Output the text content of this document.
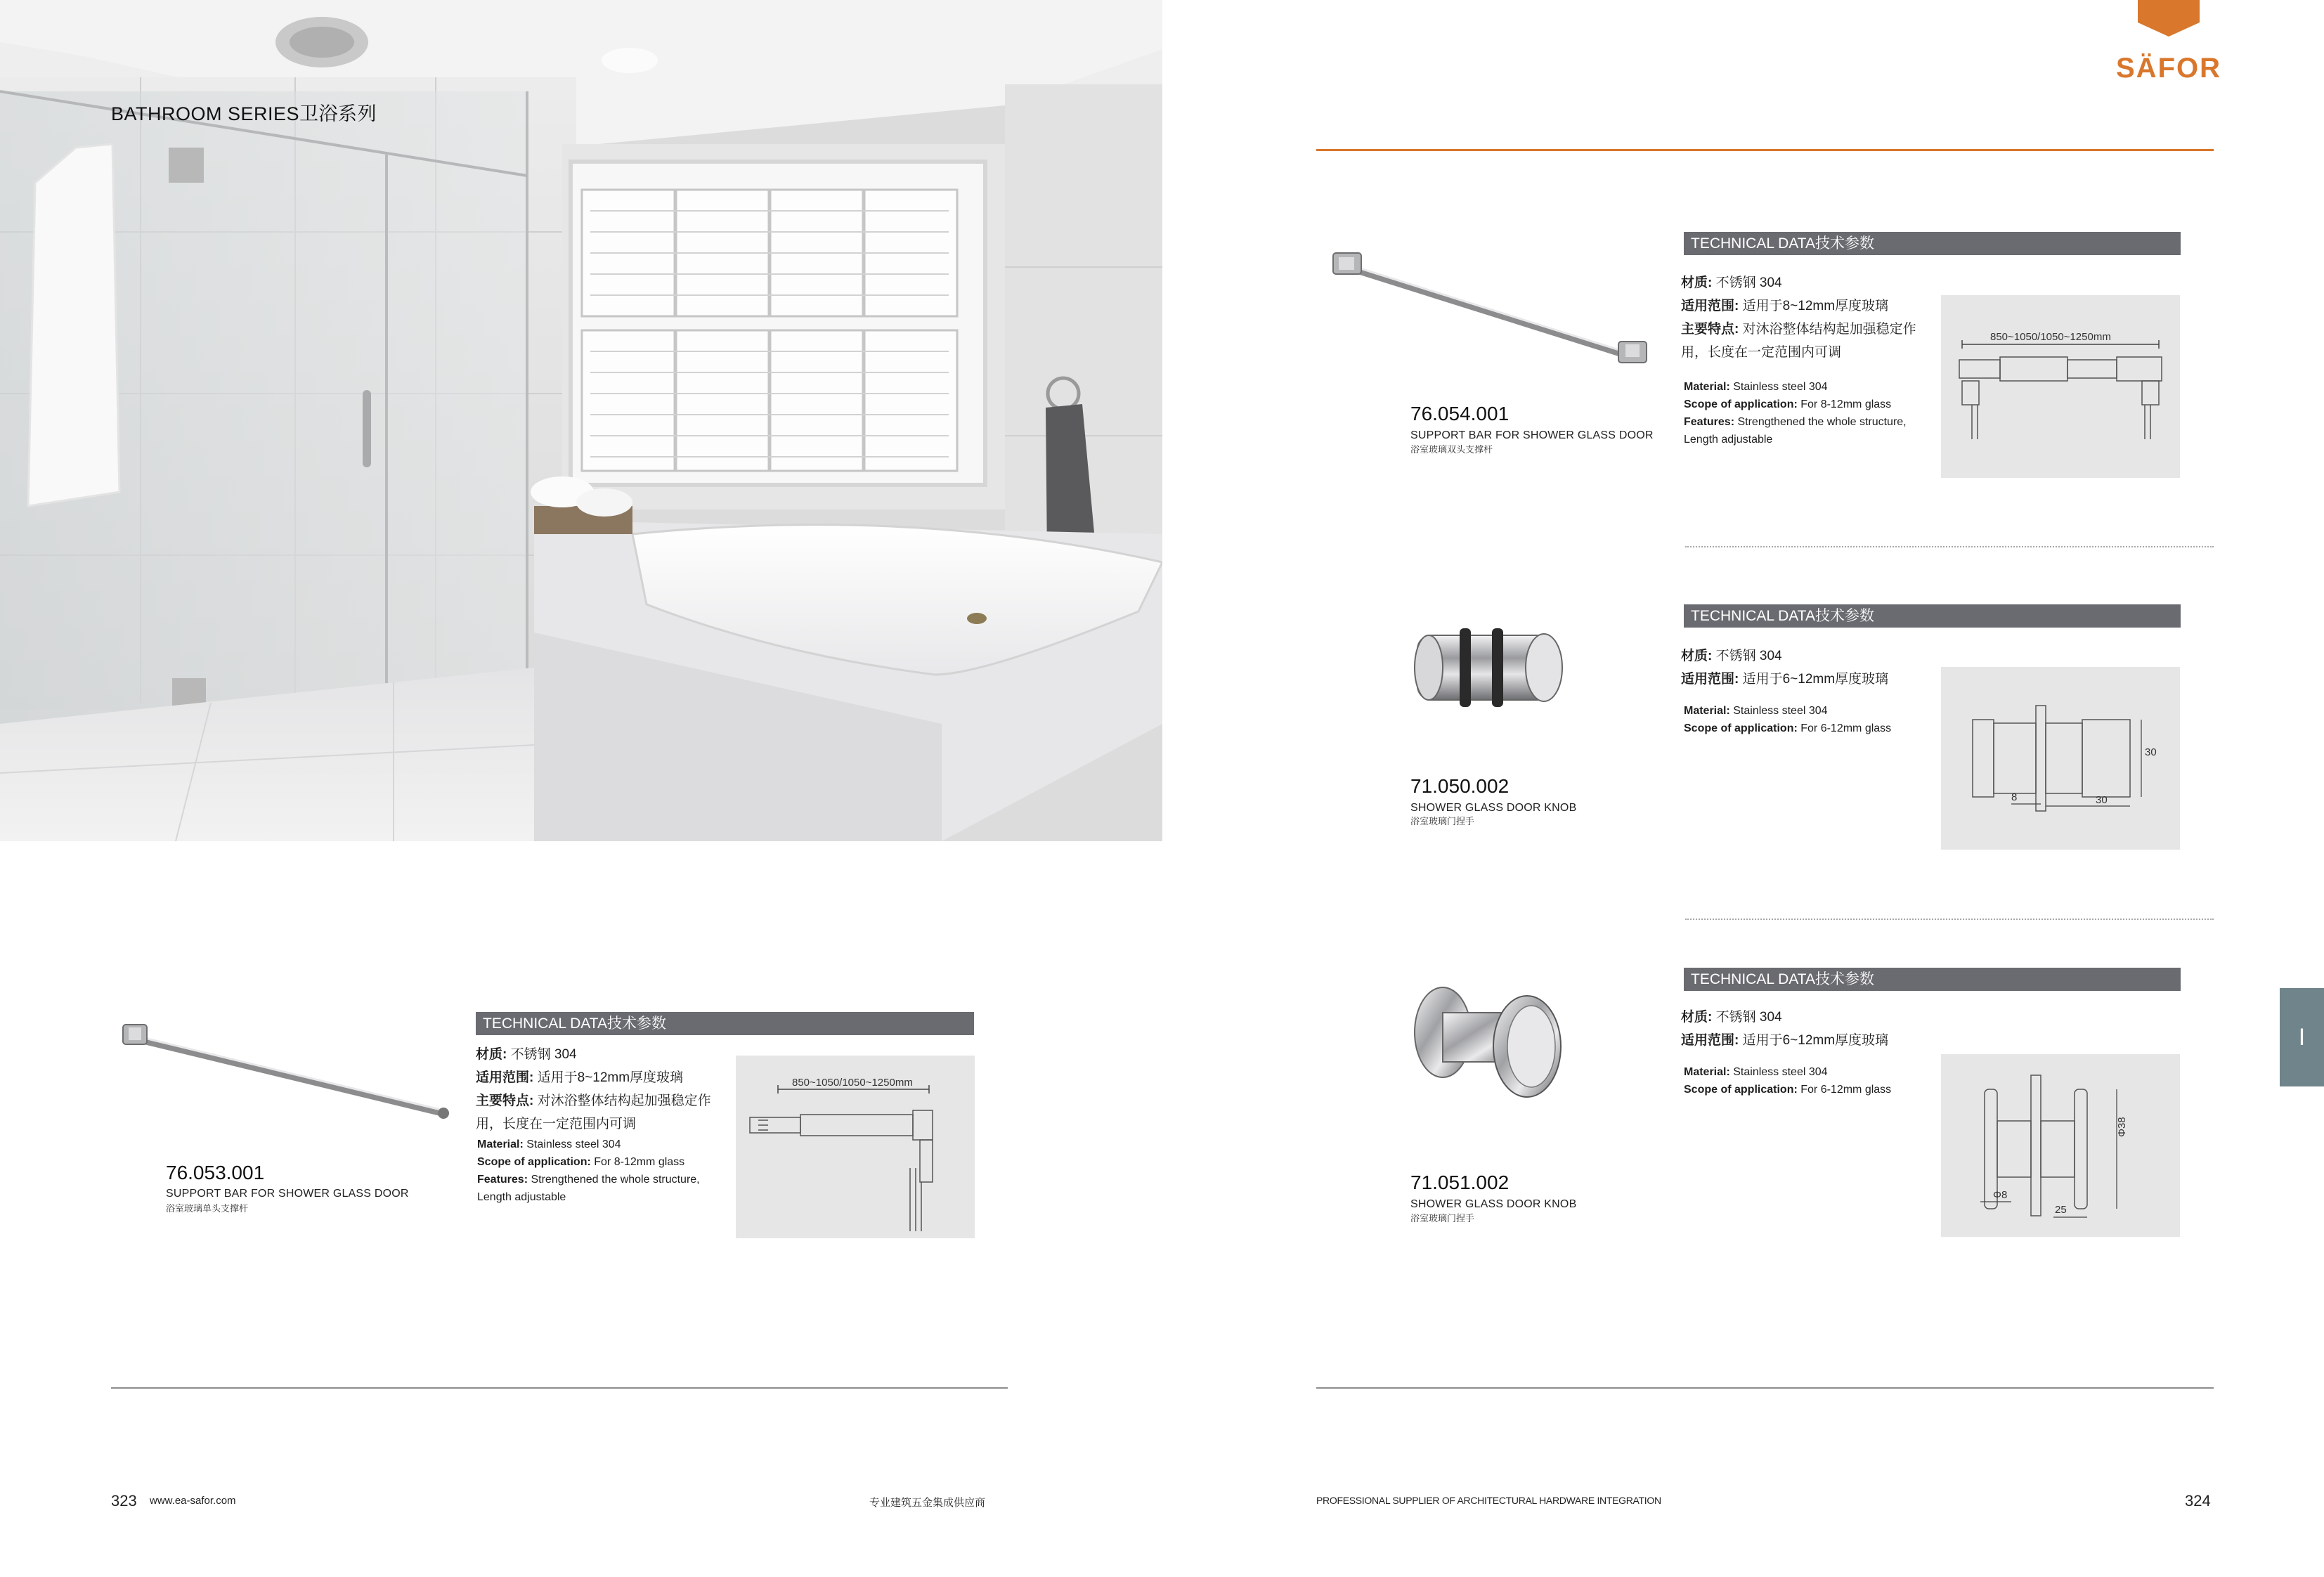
BATHROOM SERIES卫浴系列
76.053.001
SUPPORT BAR FOR SHOWER GLASS DOOR
浴室玻璃单头支撑杆
TECHNICAL DATA技术参数
材质: 不锈钢 304
适用范围: 适用于8~12mm厚度玻璃
主要特点: 对沐浴整体结构起加强稳定作
用，长度在一定范围内可调
Material: Stainless steel 304
Scope of application: For 8-12mm glass
Features: Strengthened the whole structure,
Length adjustable
850~1050/1050~1250mm
323 www.ea-safor.com	专业建筑五金集成供应商
SÄFOR
76.054.001
SUPPORT BAR FOR SHOWER GLASS DOOR
浴室玻璃双头支撑杆
TECHNICAL DATA技术参数
材质: 不锈钢 304
适用范围: 适用于8~12mm厚度玻璃
主要特点: 对沐浴整体结构起加强稳定作
用，长度在一定范围内可调
Material: Stainless steel 304
Scope of application: For 8-12mm glass
Features: Strengthened the whole structure,
Length adjustable
850~1050/1050~1250mm
71.050.002
SHOWER GLASS DOOR KNOB
浴室玻璃门捏手
TECHNICAL DATA技术参数
材质: 不锈钢 304
适用范围: 适用于6~12mm厚度玻璃
Material: Stainless steel 304
Scope of application: For 6-12mm glass
30
8	30
71.051.002
SHOWER GLASS DOOR KNOB
浴室玻璃门捏手
TECHNICAL DATA技术参数
材质: 不锈钢 304
适用范围: 适用于6~12mm厚度玻璃
Material: Stainless steel 304
Scope of application: For 6-12mm glass
Φ38
Φ8
25
I
PROFESSIONAL SUPPLIER OF ARCHITECTURAL HARDWARE INTEGRATION	324
